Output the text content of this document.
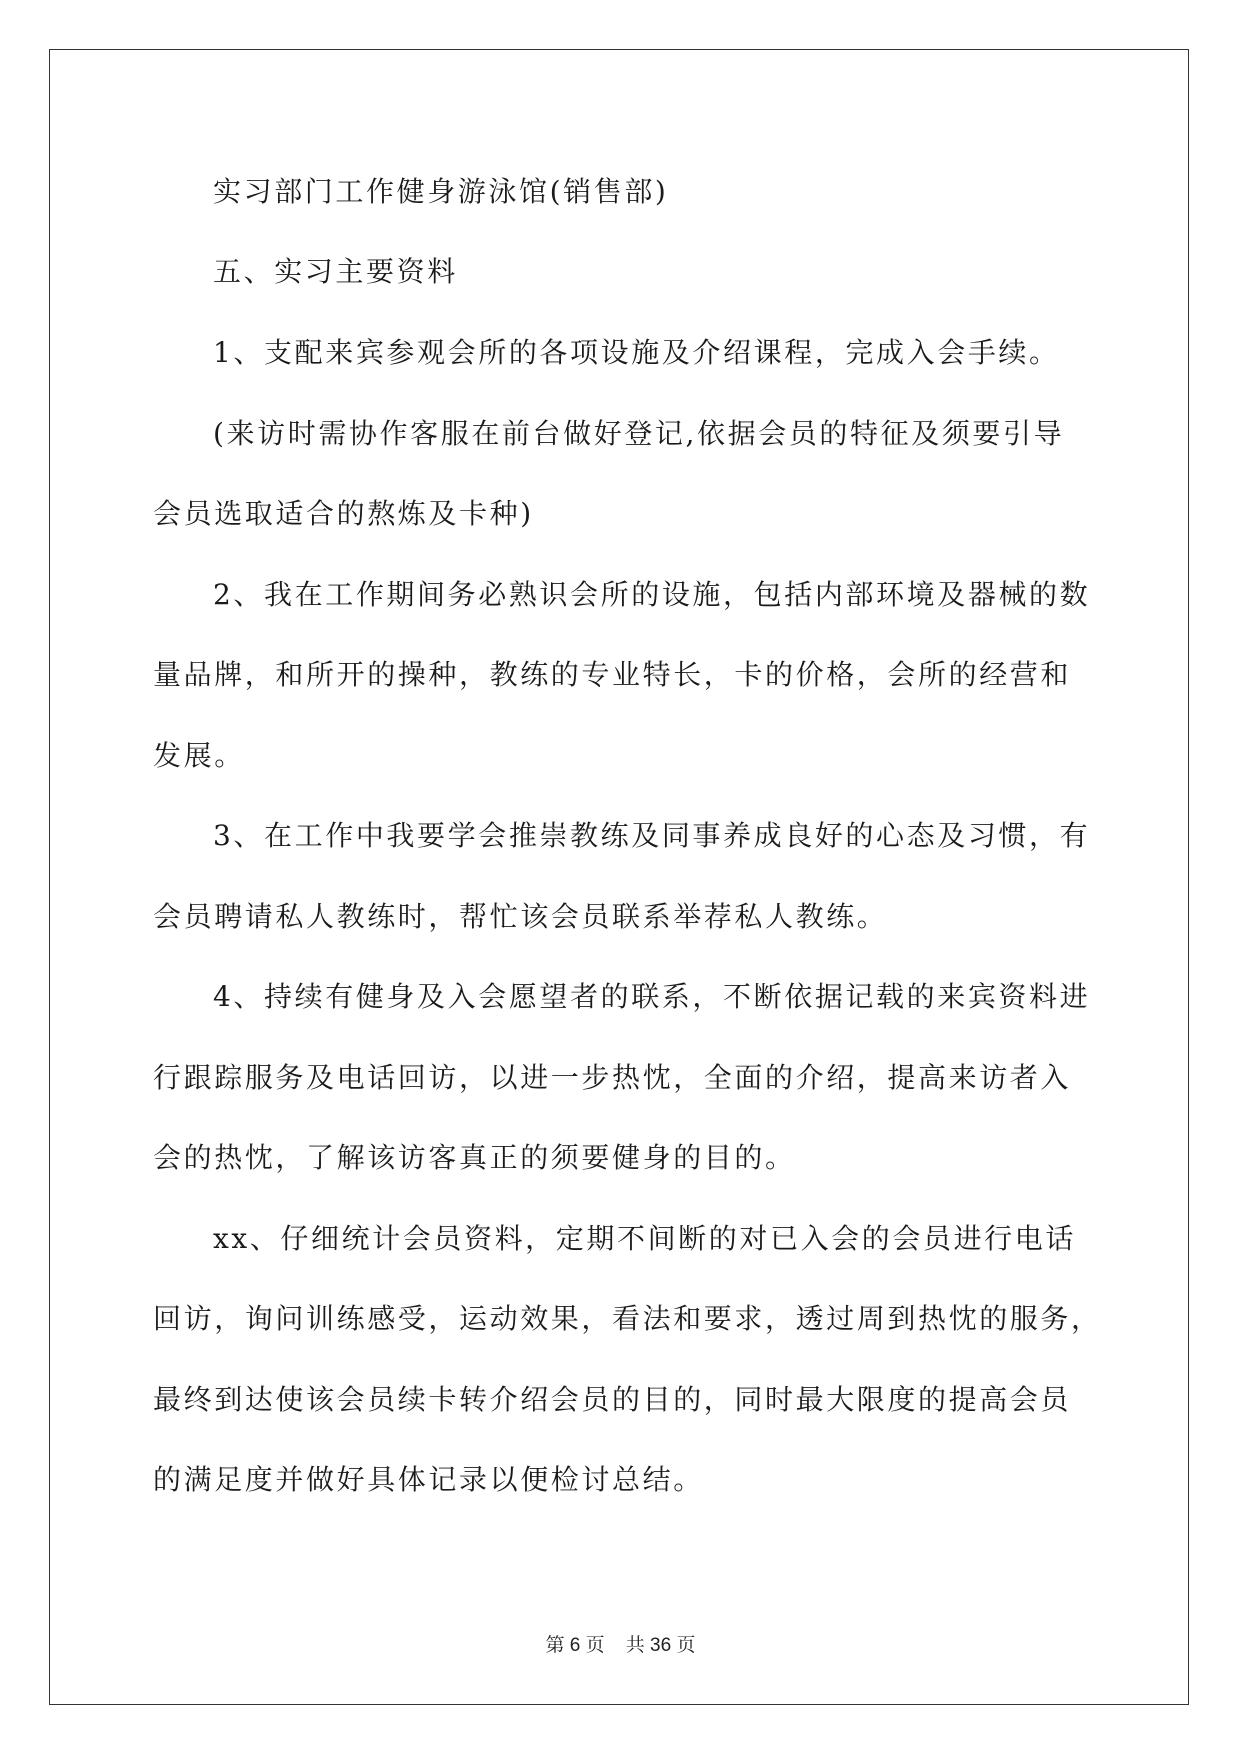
实习部门工作健身游泳馆(销售部)
五、实习主要资料
1、支配来宾参观会所的各项设施及介绍课程，完成入会手续。
(来访时需协作客服在前台做好登记,依据会员的特征及须要引导
会员选取适合的熬炼及卡种)
2、我在工作期间务必熟识会所的设施，包括内部环境及器械的数
量品牌，和所开的操种，教练的专业特长，卡的价格，会所的经营和
发展。
3、在工作中我要学会推崇教练及同事养成良好的心态及习惯，有
会员聘请私人教练时，帮忙该会员联系举荐私人教练。
4、持续有健身及入会愿望者的联系，不断依据记载的来宾资料进
行跟踪服务及电话回访，以进一步热忱，全面的介绍，提高来访者入
会的热忱，了解该访客真正的须要健身的目的。
xx、仔细统计会员资料，定期不间断的对已入会的会员进行电话
回访，询问训练感受，运动效果，看法和要求，透过周到热忱的服务，
最终到达使该会员续卡转介绍会员的目的，同时最大限度的提高会员
的满足度并做好具体记录以便检讨总结。
第 6 页    共 36 页
